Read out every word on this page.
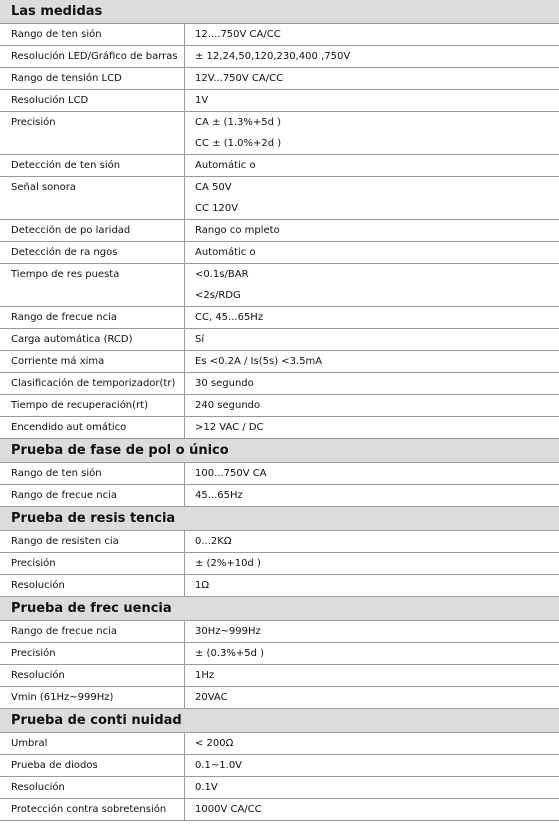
Las medidas
Rango de ten sión	12....750V CA/CC
Resolución LED/Gráfico de barras	± 12,24,50,120,230,400 ,750V
Rango de tensión LCD	12V...750V CA/CC
Resolución LCD	1V
Precisión	CA ± (1.3%+5d )
CC ± (1.0%+2d )
Detección de ten sión	Automátic o
Señal sonora	CA 50V
CC 120V
Detección de po laridad	Rango co mpleto
Detección de ra ngos	Automátic o
Tiempo de res puesta	<0.1s/BAR
<2s/RDG
Rango de frecue ncia	CC, 45...65Hz
Carga automática (RCD)	Sí
Corriente má xima	Es <0.2A / Is(5s) <3.5mA
Clasificación de temporizador(tr)	30 segundo
Tiempo de recuperación(rt)	240 segundo
Encendido aut omático	>12 VAC / DC
Prueba de fase de pol o único
Rango de ten sión	100...750V CA
Rango de frecue ncia	45...65Hz
Prueba de resis tencia
Rango de resisten cia	0...2KΩ
Precisión	± (2%+10d )
Resolución	1Ω
Prueba de frec uencia
Rango de frecue ncia	30Hz~999Hz
Precisión	± (0.3%+5d )
Resolución	1Hz
Vmin (61Hz~999Hz)	20VAC
Prueba de conti nuidad
Umbral	< 200Ω
Prueba de diodos	0.1~1.0V
Resolución	0.1V
Protección contra sobretensión	1000V CA/CC
